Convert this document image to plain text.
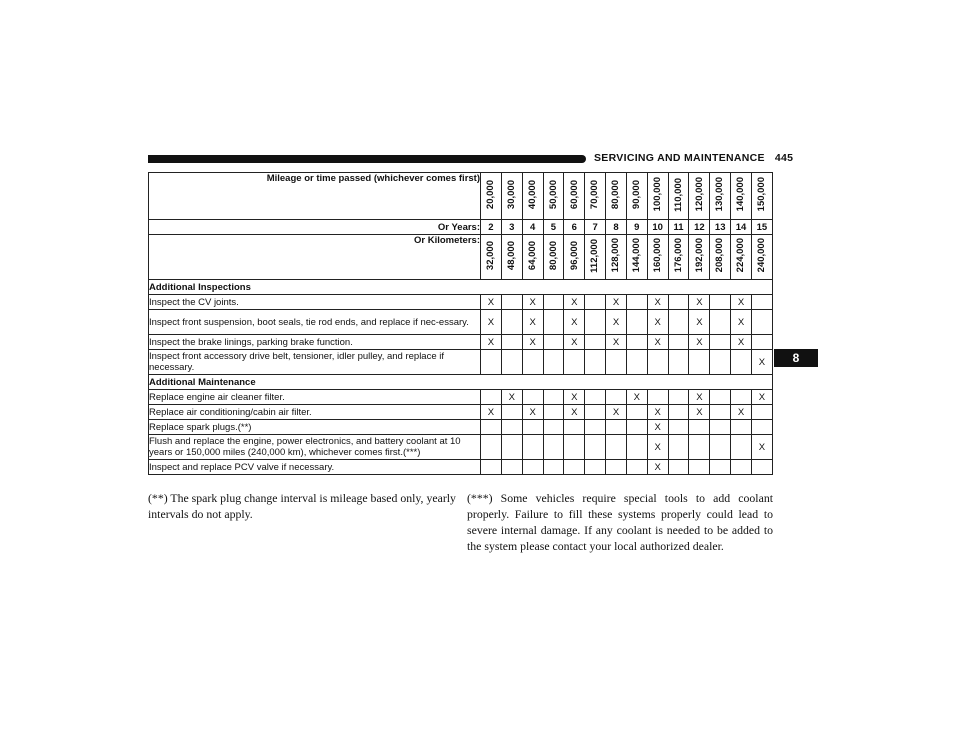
SERVICING AND MAINTENANCE 445
8
Mileage or time passed (whichever comes first)	20,000	30,000	40,000	50,000	60,000	70,000	80,000	90,000	100,000	110,000	120,000	130,000	140,000	150,000
Or Years:	2	3	4	5	6	7	8	9	10	11	12	13	14	15
Or Kilometers:	32,000	48,000	64,000	80,000	96,000	112,000	128,000	144,000	160,000	176,000	192,000	208,000	224,000	240,000
Additional Inspections														
Inspect the CV joints.	X		X		X		X		X		X		X	
Inspect front suspension, boot seals, tie rod ends, and replace if nec-essary.	X		X		X		X		X		X		X	
Inspect the brake linings, parking brake function.	X		X		X		X		X		X		X	
Inspect front accessory drive belt, tensioner, idler pulley, and replace if necessary.														X
Additional Maintenance														
Replace engine air cleaner filter.		X			X			X			X			X
Replace air conditioning/cabin air filter.	X		X		X		X		X		X		X	
Replace spark plugs.(**)									X					
Flush and replace the engine, power electronics, and battery coolant at 10 years or 150,000 miles (240,000 km), whichever comes first.(***)									X					X
Inspect and replace PCV valve if necessary.									X					
(**) The spark plug change interval is mileage based only, yearly intervals do not apply.
(***) Some vehicles require special tools to add coolant properly. Failure to fill these systems properly could lead to severe internal damage. If any coolant is needed to be added to the system please contact your local authorized dealer.
